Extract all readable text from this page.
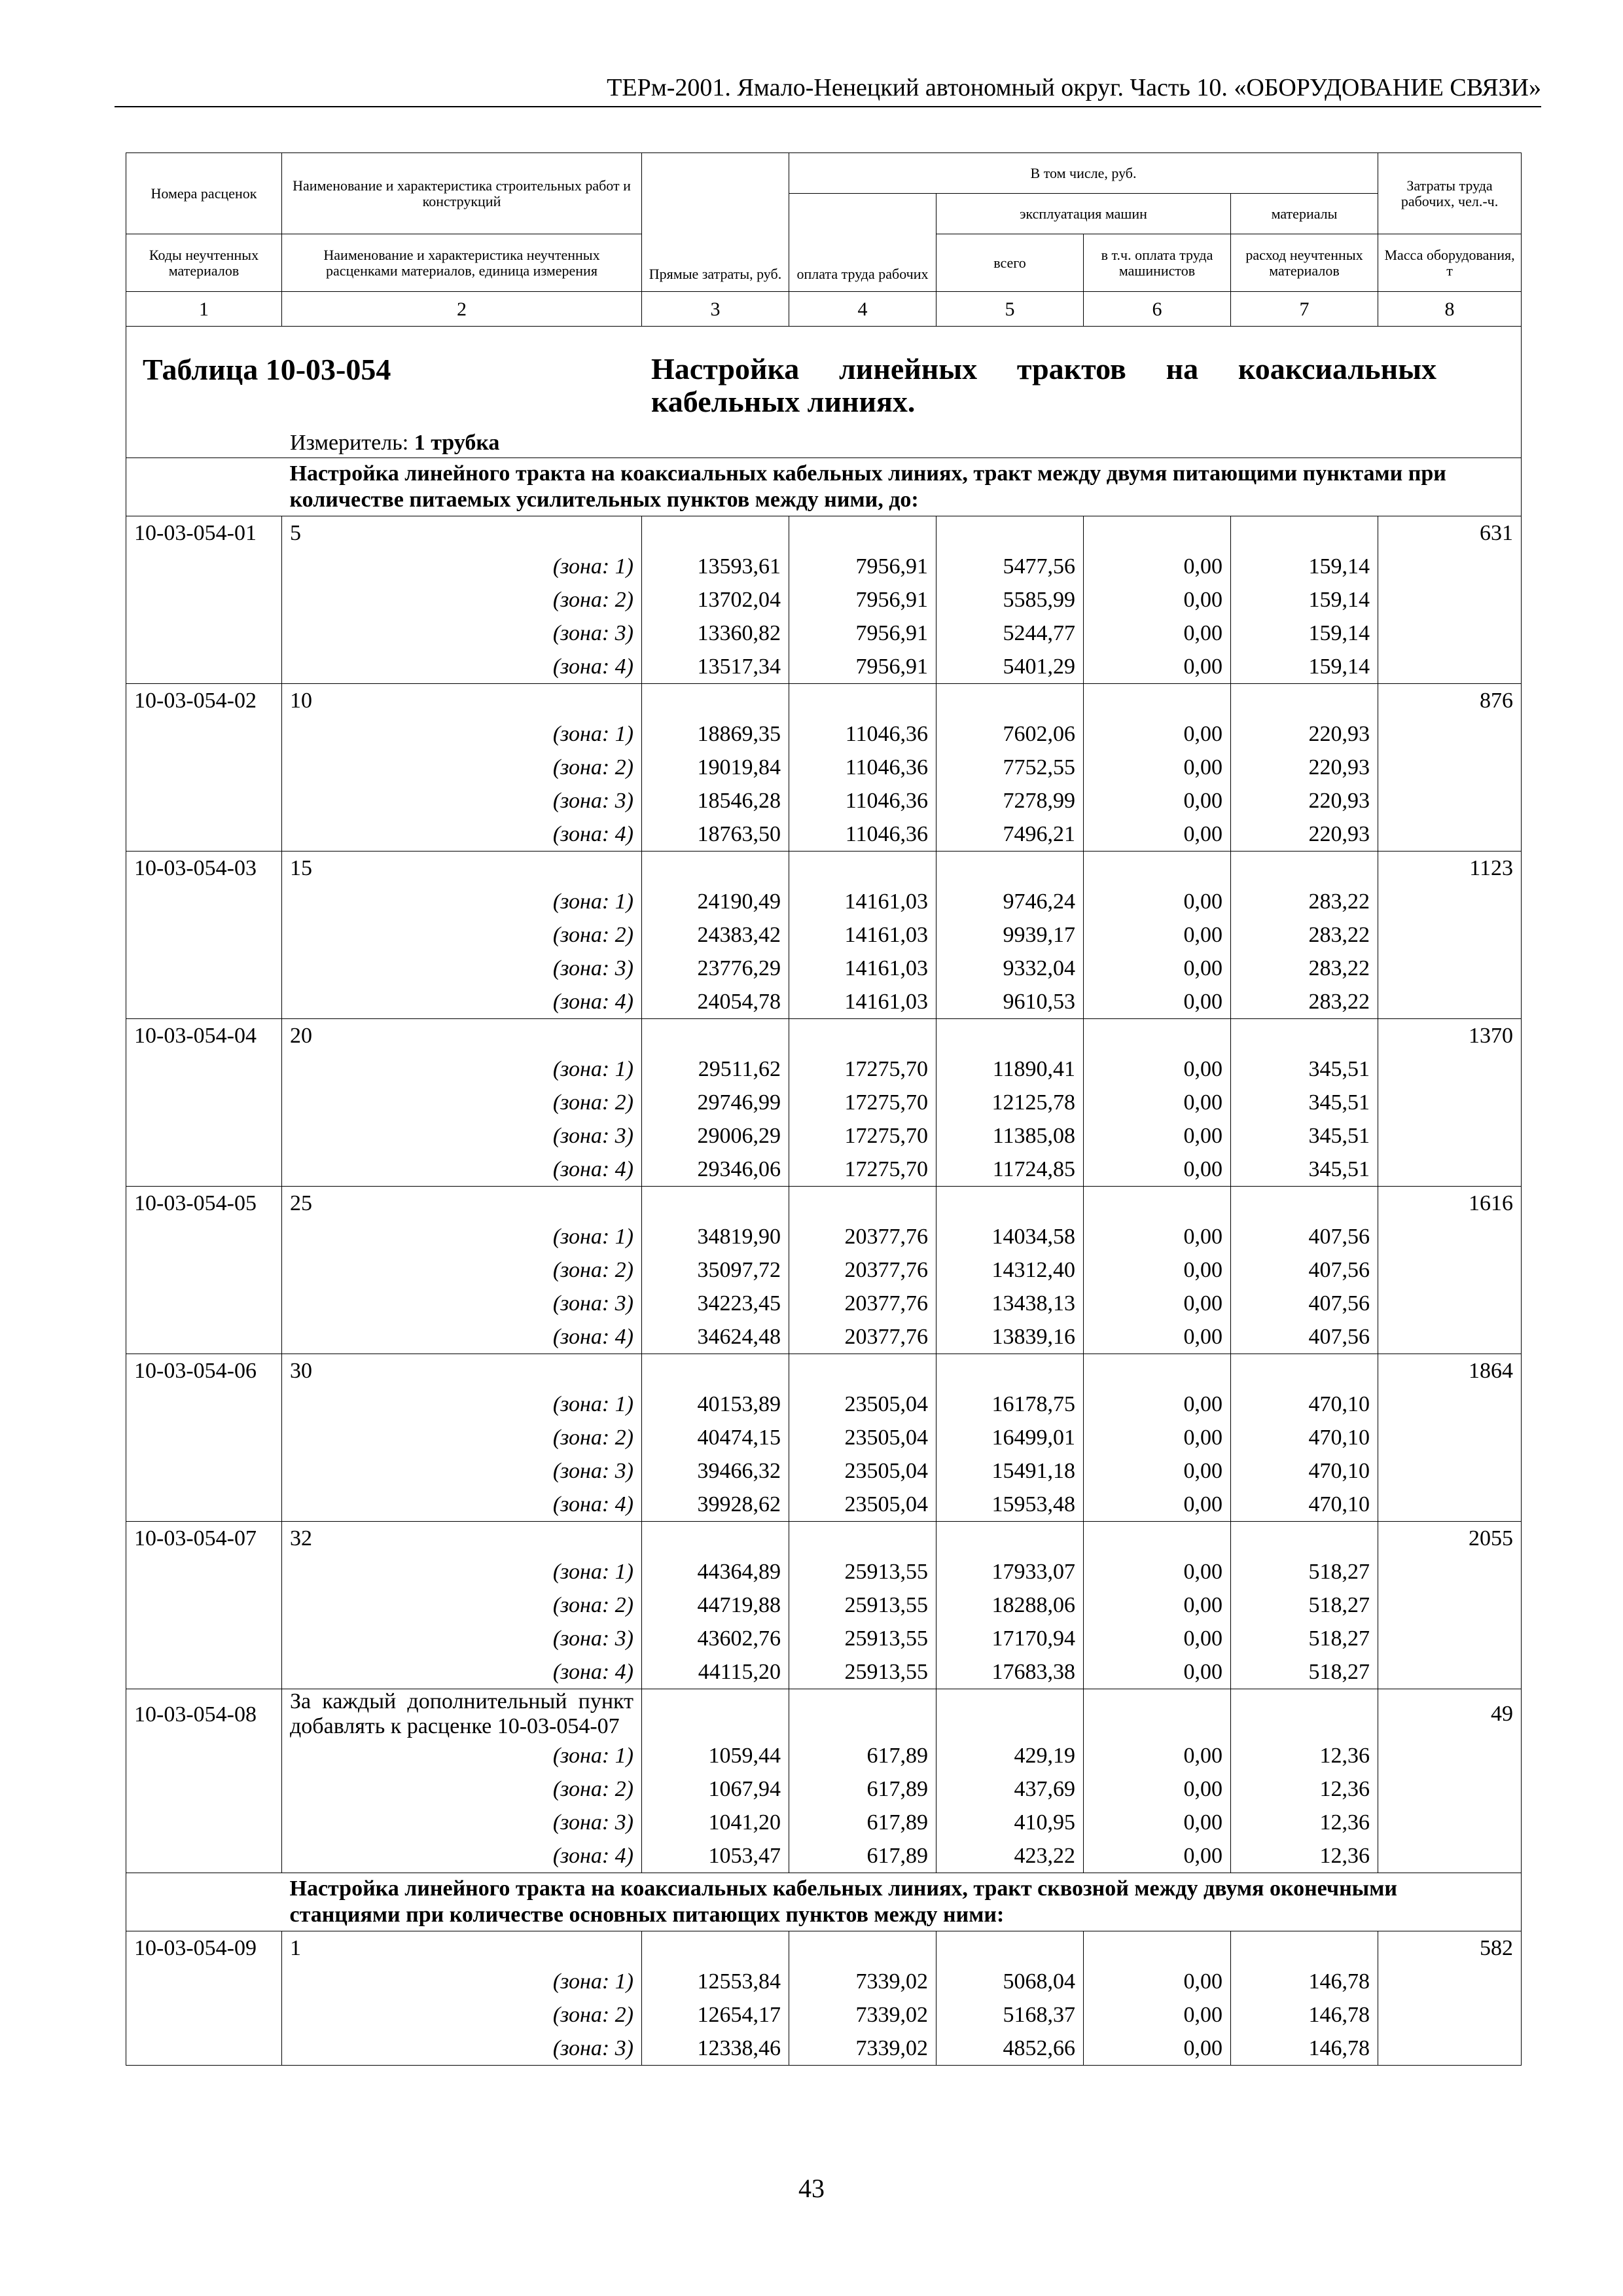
ТЕРм-2001. Ямало-Ненецкий автономный округ. Часть 10. «ОБОРУДОВАНИЕ СВЯЗИ»
Номера расценок	Наименование и характеристика строительных работ и конструкций	Прямые затраты, руб.	В том числе, руб.				Затраты труда рабочих, чел.-ч.
			оплата труда рабочих	эксплуатация машин		материалы	
Коды неучтенных материалов	Наименование и характеристика неучтенных расценками материалов, единица измерения			всего	в т.ч. оплата труда машинистов	расход неучтенных материалов	Масса оборудования, т
1	2	3	4	5	6	7	8

Таблица 10-03-054 Настройка линейных трактов на коаксиальных кабельных линиях.
Измеритель: 1 трубка							

	Настройка линейного тракта на коаксиальных кабельных линиях, тракт между двумя питающими пунктами при количестве питаемых усилительных пунктов между ними, до:						
10-03-054-01	5						631
	(зона: 1)	13593,61	7956,91	5477,56	0,00	159,14	
	(зона: 2)	13702,04	7956,91	5585,99	0,00	159,14	
	(зона: 3)	13360,82	7956,91	5244,77	0,00	159,14	
	(зона: 4)	13517,34	7956,91	5401,29	0,00	159,14	
10-03-054-02	10						876
	(зона: 1)	18869,35	11046,36	7602,06	0,00	220,93	
	(зона: 2)	19019,84	11046,36	7752,55	0,00	220,93	
	(зона: 3)	18546,28	11046,36	7278,99	0,00	220,93	
	(зона: 4)	18763,50	11046,36	7496,21	0,00	220,93	
10-03-054-03	15						1123
	(зона: 1)	24190,49	14161,03	9746,24	0,00	283,22	
	(зона: 2)	24383,42	14161,03	9939,17	0,00	283,22	
	(зона: 3)	23776,29	14161,03	9332,04	0,00	283,22	
	(зона: 4)	24054,78	14161,03	9610,53	0,00	283,22	
10-03-054-04	20						1370
	(зона: 1)	29511,62	17275,70	11890,41	0,00	345,51	
	(зона: 2)	29746,99	17275,70	12125,78	0,00	345,51	
	(зона: 3)	29006,29	17275,70	11385,08	0,00	345,51	
	(зона: 4)	29346,06	17275,70	11724,85	0,00	345,51	
10-03-054-05	25						1616
	(зона: 1)	34819,90	20377,76	14034,58	0,00	407,56	
	(зона: 2)	35097,72	20377,76	14312,40	0,00	407,56	
	(зона: 3)	34223,45	20377,76	13438,13	0,00	407,56	
	(зона: 4)	34624,48	20377,76	13839,16	0,00	407,56	
10-03-054-06	30						1864
	(зона: 1)	40153,89	23505,04	16178,75	0,00	470,10	
	(зона: 2)	40474,15	23505,04	16499,01	0,00	470,10	
	(зона: 3)	39466,32	23505,04	15491,18	0,00	470,10	
	(зона: 4)	39928,62	23505,04	15953,48	0,00	470,10	
10-03-054-07	32						2055
	(зона: 1)	44364,89	25913,55	17933,07	0,00	518,27	
	(зона: 2)	44719,88	25913,55	18288,06	0,00	518,27	
	(зона: 3)	43602,76	25913,55	17170,94	0,00	518,27	
	(зона: 4)	44115,20	25913,55	17683,38	0,00	518,27	
10-03-054-08	За каждый дополнительный пункт добавлять к расценке 10-03-054-07						49
	(зона: 1)	1059,44	617,89	429,19	0,00	12,36	
	(зона: 2)	1067,94	617,89	437,69	0,00	12,36	
	(зона: 3)	1041,20	617,89	410,95	0,00	12,36	
	(зона: 4)	1053,47	617,89	423,22	0,00	12,36	
	Настройка линейного тракта на коаксиальных кабельных линиях, тракт сквозной между двумя оконечными станциями при количестве основных питающих пунктов между ними:						
10-03-054-09	1						582
	(зона: 1)	12553,84	7339,02	5068,04	0,00	146,78	
	(зона: 2)	12654,17	7339,02	5168,37	0,00	146,78	
	(зона: 3)	12338,46	7339,02	4852,66	0,00	146,78	
43
